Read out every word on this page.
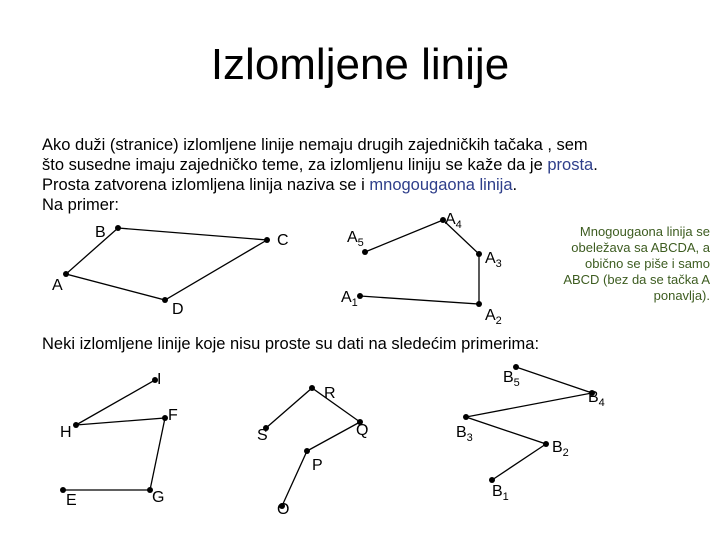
Izlomljene linije

Ako duži (stranice) izlomljene linije nemaju drugih zajedničkih tačaka , sem

što susedne imaju zajedničko teme, za izlomljenu liniju se kaže da je prosta.

Prosta zatvorena izlomljena linija naziva se i mnogougaona linija.

Na primer:

Mnogougaona linija se obeležava sa ABCDA, a obično se piše i samo ABCD (bez da se tačka A ponavlja).
Neki izlomljene linije koje nisu proste su dati na sledećim primerima:
B	C
D
A
$A_1$
$A_2$
$A_3$
$A_4$
$A_5$
E	G
H
F
I
O
P
Q
R
S
$B_1$
$B_2$
$B_3$
$B_4$
$B_5$
